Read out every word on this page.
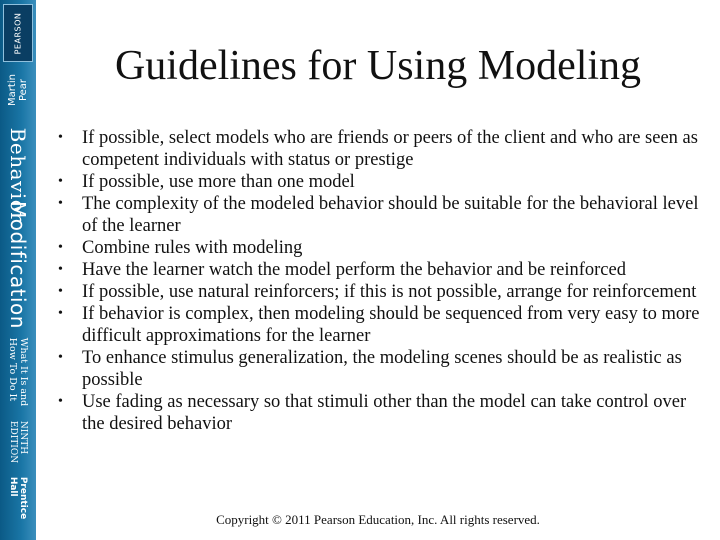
PEARSON
Martin Pear
Behavior
Modification
What It Is and
How To Do It
NINTH
EDITION
Prentice
Hall
Guidelines for Using Modeling
• If possible, select models who are friends or peers of the client and who are seen as competent individuals with status or prestige
• If possible, use more than one model
• The complexity of the modeled behavior should be suitable for the behavioral level of the learner
• Combine rules with modeling
• Have the learner watch the model perform the behavior and be reinforced
• If possible, use natural reinforcers; if this is not possible, arrange for reinforcement
• If behavior is complex, then modeling should be sequenced from very easy to more difficult approximations for the learner
• To enhance stimulus generalization, the modeling scenes should be as realistic as possible
• Use fading as necessary so that stimuli other than the model can take control over the desired behavior
Copyright © 2011 Pearson Education, Inc. All rights reserved.
